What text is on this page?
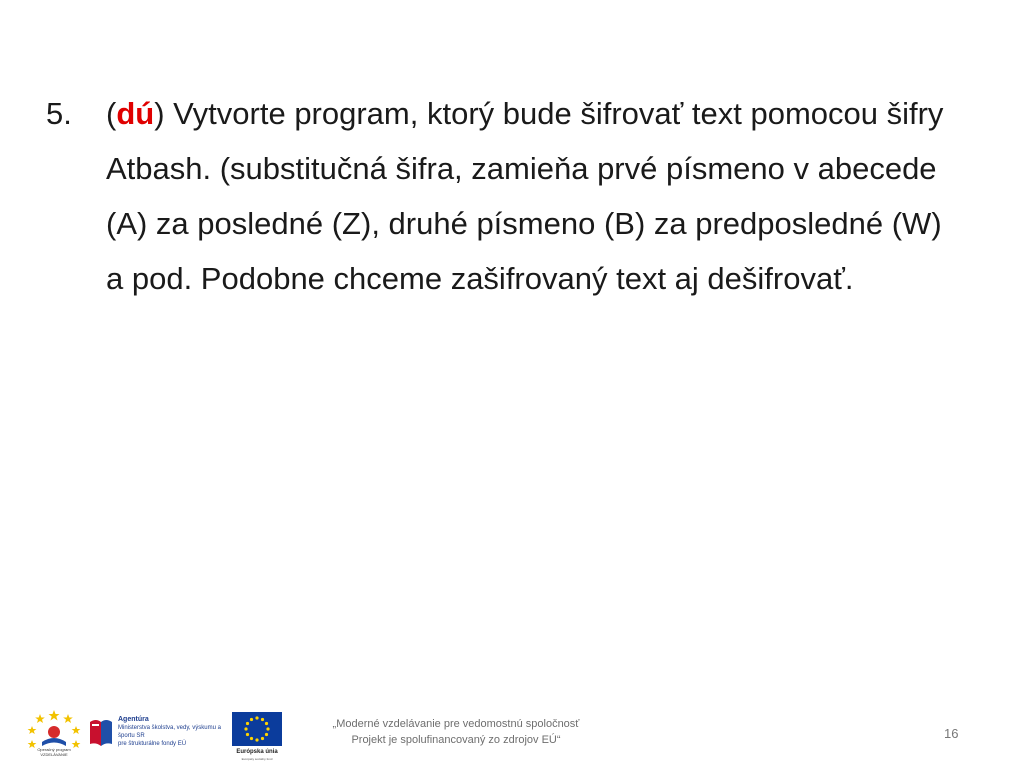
5.	(dú) Vytvorte program, ktorý bude šifrovať text pomocou šifry Atbash. (substitučná šifra, zamieňa prvé písmeno v abecede (A) za posledné (Z), druhé písmeno (B) za predposledné (W) a pod. Podobne chceme zašifrovaný text aj dešifrovať.
Operačný program VZDELÁVANIE
Agentúra
Ministerstva školstva, vedy, výskumu a športu SR
pre štrukturálne fondy EÚ
Európska únia
Európsky sociálny fond
„Moderné vzdelávanie pre vedomostnú spoločnosť
Projekt je spolufinancovaný zo zdrojov EÚ“	16
